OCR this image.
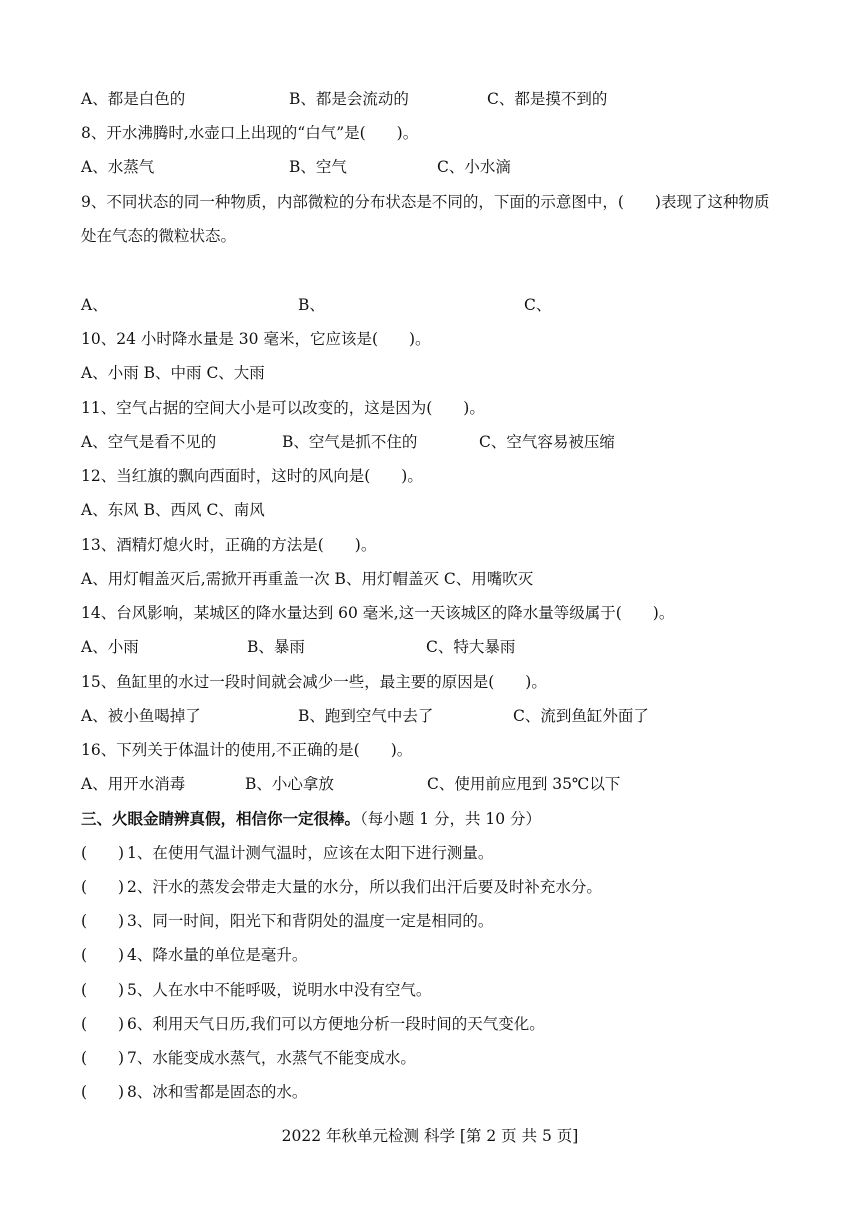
A、都是白色的	B、都是会流动的	C、都是摸不到的
8、开水沸腾时,水壶口上出现的“白气”是(　　)。
A、水蒸气	B、空气	C、小水滴
9、不同状态的同一种物质，内部微粒的分布状态是不同的，下面的示意图中，(　　)表现了这种物质处在气态的微粒状态。
A、	B、	C、
10、24 小时降水量是 30 毫米，它应该是(　　)。
A、小雨 B、中雨 C、大雨
11、空气占据的空间大小是可以改变的，这是因为(　　)。
A、空气是看不见的	B、空气是抓不住的	C、空气容易被压缩
12、当红旗的飘向西面时，这时的风向是(　　)。
A、东风 B、西风 C、南风
13、酒精灯熄火时，正确的方法是(　　)。
A、用灯帽盖灭后,需掀开再重盖一次 B、用灯帽盖灭 C、用嘴吹灭
14、台风影响，某城区的降水量达到 60 毫米,这一天该城区的降水量等级属于(　　)。
A、小雨	B、暴雨	C、特大暴雨
15、鱼缸里的水过一段时间就会减少一些，最主要的原因是(　　)。
A、被小鱼喝掉了	B、跑到空气中去了	C、流到鱼缸外面了
16、下列关于体温计的使用,不正确的是(　　)。
A、用开水消毒	B、小心拿放	C、使用前应甩到 35℃以下
三、火眼金睛辨真假，相信你一定很棒。（每小题 1 分，共 10 分）
(　　) 1、在使用气温计测气温时，应该在太阳下进行测量。
(　　) 2、汗水的蒸发会带走大量的水分，所以我们出汗后要及时补充水分。
(　　) 3、同一时间，阳光下和背阴处的温度一定是相同的。
(　　) 4、降水量的单位是毫升。
(　　) 5、人在水中不能呼吸，说明水中没有空气。
(　　) 6、利用天气日历,我们可以方便地分析一段时间的天气变化。
(　　) 7、水能变成水蒸气，水蒸气不能变成水。
(　　) 8、冰和雪都是固态的水。
2022 年秋单元检测 科学 [第 2 页 共 5 页]
